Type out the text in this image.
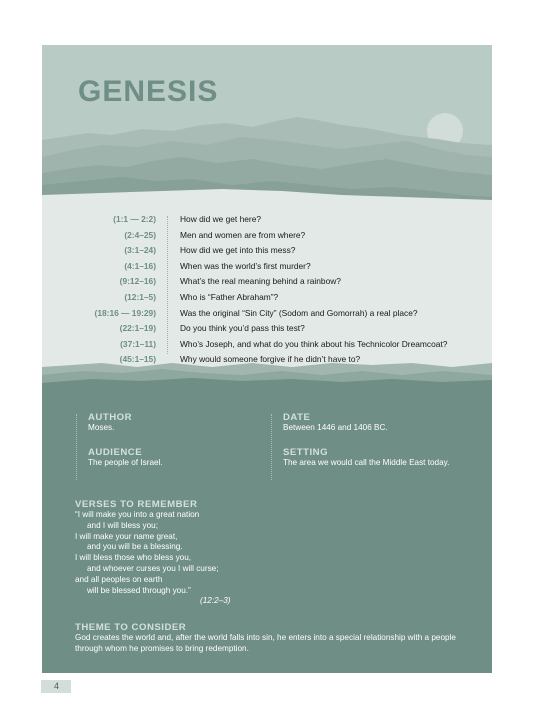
GENESIS
(1:1 — 2:2)	How did we get here?
(2:4–25)	Men and women are from where?
(3:1–24)	How did we get into this mess?
(4:1–16)	When was the world’s first murder?
(9:12–16)	What’s the real meaning behind a rainbow?
(12:1–5)	Who is “Father Abraham”?
(18:16 — 19:29)	Was the original “Sin City” (Sodom and Gomorrah) a real place?
(22:1–19)	Do you think you’d pass this test?
(37:1–11)	Who’s Joseph, and what do you think about his Technicolor Dreamcoat?
(45:1–15)	Why would someone forgive if he didn’t have to?

AUTHOR

Moses.

DATE

Between 1446 and 1406 BC.

AUDIENCE

The people of Israel.

SETTING

The area we would call the Middle East today.

VERSES TO REMEMBER

“I will make you into a great nation
and I will bless you;
I will make your name great,
and you will be a blessing.
I will bless those who bless you,
and whoever curses you I will curse;
and all peoples on earth
will be blessed through you.”
(12:2–3)

THEME TO CONSIDER

God creates the world and, after the world falls into sin, he enters into a special relationship with a people through whom he promises to bring redemption.

4
